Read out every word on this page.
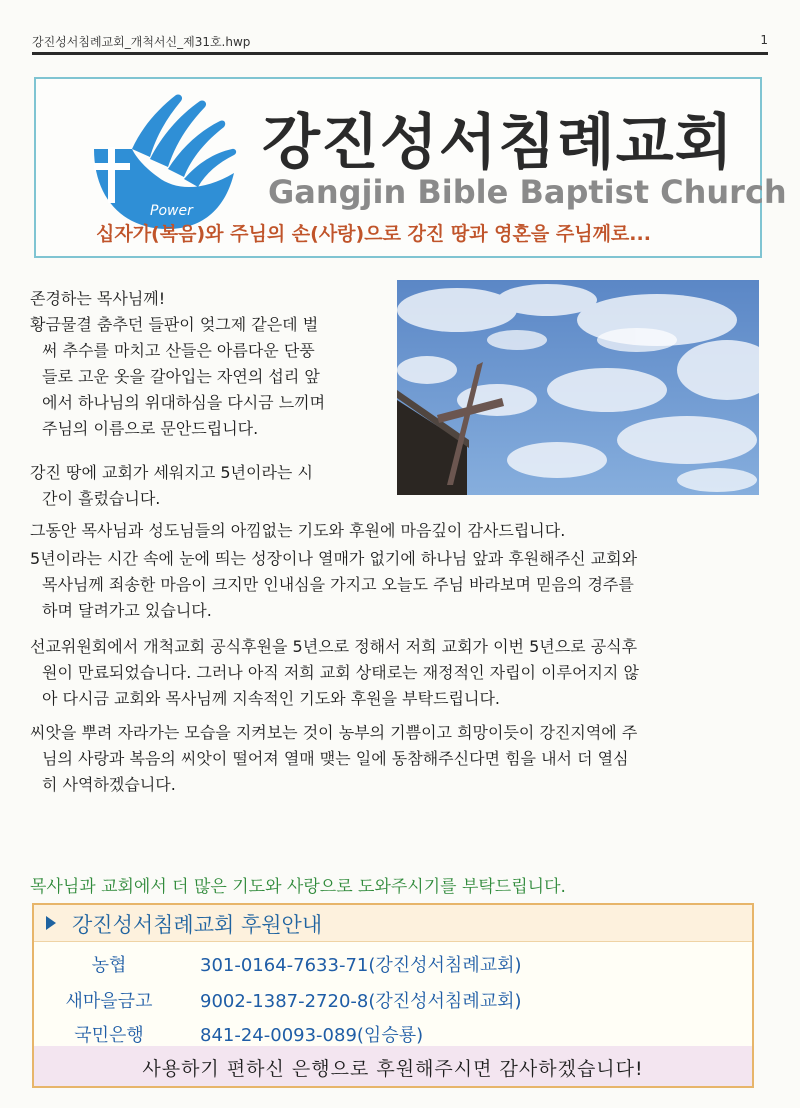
강진성서침례교회_개척서신_제31호.hwp	1
Power
강진성서침례교회
Gangjin Bible Baptist Church
십자가(복음)와 주님의 손(사랑)으로 강진 땅과 영혼을 주님께로...
존경하는 목사님께!
황금물결 춤추던 들판이 엊그제 같은데 벌
써 추수를 마치고 산들은 아름다운 단풍
들로 고운 옷을 갈아입는 자연의 섭리 앞
에서 하나님의 위대하심을 다시금 느끼며
주님의 이름으로 문안드립니다.
강진 땅에 교회가 세워지고 5년이라는 시
간이 흘렀습니다.
그동안 목사님과 성도님들의 아낌없는 기도와 후원에 마음깊이 감사드립니다.
5년이라는 시간 속에 눈에 띄는 성장이나 열매가 없기에 하나님 앞과 후원해주신 교회와
목사님께 죄송한 마음이 크지만 인내심을 가지고 오늘도 주님 바라보며 믿음의 경주를
하며 달려가고 있습니다.
선교위원회에서 개척교회 공식후원을 5년으로 정해서 저희 교회가 이번 5년으로 공식후
원이 만료되었습니다. 그러나 아직 저희 교회 상태로는 재정적인 자립이 이루어지지 않
아 다시금 교회와 목사님께 지속적인 기도와 후원을 부탁드립니다.
씨앗을 뿌려 자라가는 모습을 지켜보는 것이 농부의 기쁨이고 희망이듯이 강진지역에 주
님의 사랑과 복음의 씨앗이 떨어져 열매 맺는 일에 동참해주신다면 힘을 내서 더 열심
히 사역하겠습니다.
목사님과 교회에서 더 많은 기도와 사랑으로 도와주시기를 부탁드립니다.
강진성서침례교회 후원안내
농협	301-0164-7633-71(강진성서침례교회)
새마을금고	9002-1387-2720-8(강진성서침례교회)
국민은행	841-24-0093-089(임승룡)
사용하기 편하신 은행으로 후원해주시면 감사하겠습니다!
